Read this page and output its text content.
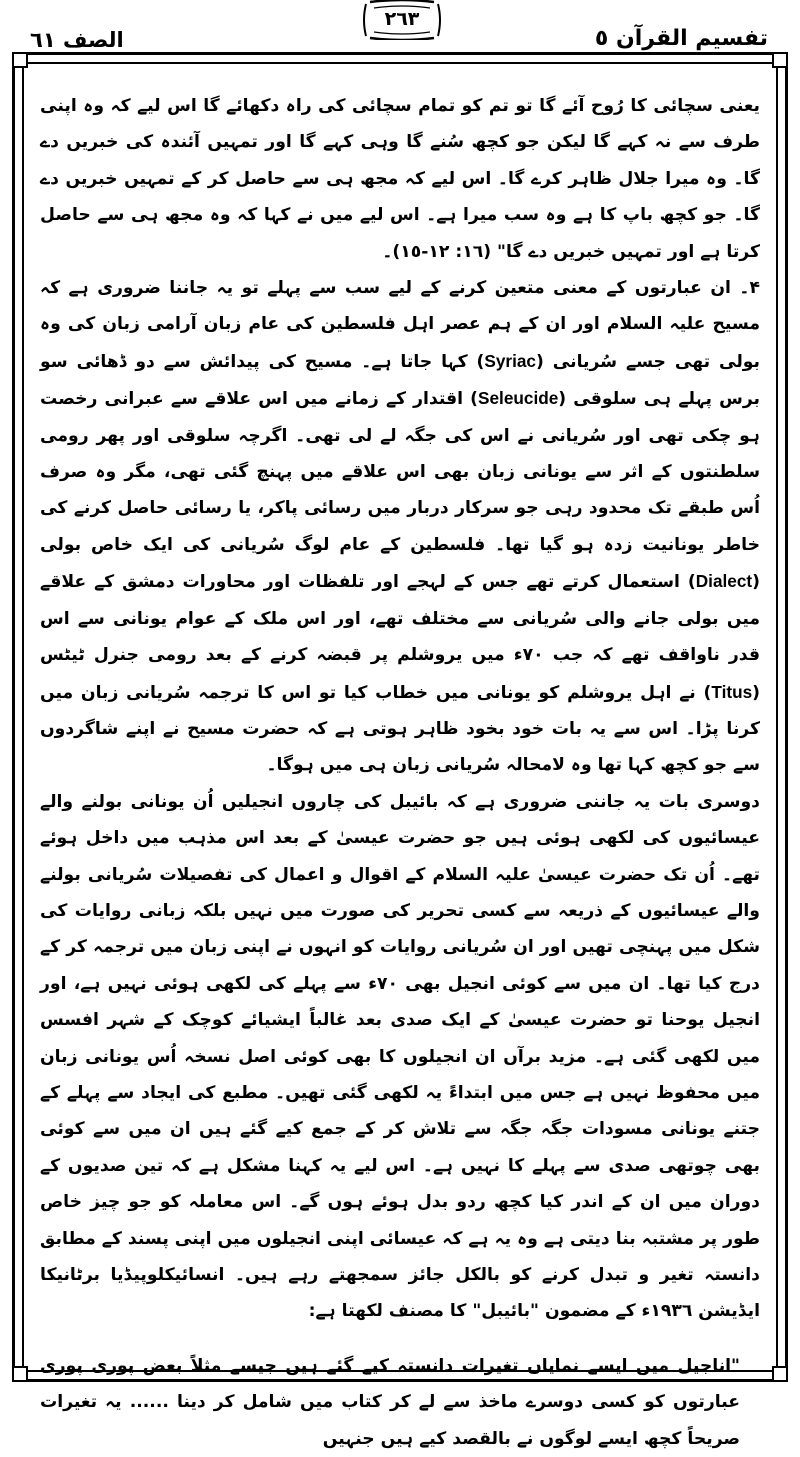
تفسیم القرآن ٥
٢٦٣
الصف ٦١

یعنی سچائی کا رُوح آئے گا تو تم کو تمام سچائی کی راہ دکھائے گا اس لیے کہ وہ اپنی طرف سے نہ کہے گا لیکن جو کچھ سُنے گا وہی کہے گا اور تمہیں آئندہ کی خبریں دے گا۔ وہ میرا جلال ظاہر کرے گا۔ اس لیے کہ مجھ ہی سے حاصل کر کے تمہیں خبریں دے گا۔ جو کچھ باپ کا ہے وہ سب میرا ہے۔ اس لیے میں نے کہا کہ وہ مجھ ہی سے حاصل کرتا ہے اور تمہیں خبریں دے گا" (١٦: ١٢-١٥)۔

۴۔ ان عبارتوں کے معنی متعین کرنے کے لیے سب سے پہلے تو یہ جاننا ضروری ہے کہ مسیح علیہ السلام اور ان کے ہم عصر اہل فلسطین کی عام زبان آرامی زبان کی وہ بولی تھی جسے سُریانی (Syriac) کہا جاتا ہے۔ مسیح کی پیدائش سے دو ڈھائی سو برس پہلے ہی سلوقی (Seleucide) اقتدار کے زمانے میں اس علاقے سے عبرانی رخصت ہو چکی تھی اور سُریانی نے اس کی جگہ لے لی تھی۔ اگرچہ سلوقی اور پھر رومی سلطنتوں کے اثر سے یونانی زبان بھی اس علاقے میں پہنچ گئی تھی، مگر وہ صرف اُس طبقے تک محدود رہی جو سرکار دربار میں رسائی پاکر، یا رسائی حاصل کرنے کی خاطر یونانیت زدہ ہو گیا تھا۔ فلسطین کے عام لوگ سُریانی کی ایک خاص بولی (Dialect) استعمال کرتے تھے جس کے لہجے اور تلفظات اور محاورات دمشق کے علاقے میں بولی جانے والی سُریانی سے مختلف تھے، اور اس ملک کے عوام یونانی سے اس قدر ناواقف تھے کہ جب ٧٠ء میں یروشلم پر قبضہ کرنے کے بعد رومی جنرل ٹیٹس (Titus) نے اہل یروشلم کو یونانی میں خطاب کیا تو اس کا ترجمہ سُریانی زبان میں کرنا پڑا۔ اس سے یہ بات خود بخود ظاہر ہوتی ہے کہ حضرت مسیح نے اپنے شاگردوں سے جو کچھ کہا تھا وہ لامحالہ سُریانی زبان ہی میں ہوگا۔

دوسری بات یہ جاننی ضروری ہے کہ بائیبل کی چاروں انجیلیں اُن یونانی بولنے والے عیسائیوں کی لکھی ہوئی ہیں جو حضرت عیسیٰ کے بعد اس مذہب میں داخل ہوئے تھے۔ اُن تک حضرت عیسیٰ علیہ السلام کے اقوال و اعمال کی تفصیلات سُریانی بولنے والے عیسائیوں کے ذریعہ سے کسی تحریر کی صورت میں نہیں بلکہ زبانی روایات کی شکل میں پہنچی تھیں اور ان سُریانی روایات کو انہوں نے اپنی زبان میں ترجمہ کر کے درج کیا تھا۔ ان میں سے کوئی انجیل بھی ٧٠ء سے پہلے کی لکھی ہوئی نہیں ہے، اور انجیل یوحنا تو حضرت عیسیٰ کے ایک صدی بعد غالباً ایشیائے کوچک کے شہر افسس میں لکھی گئی ہے۔ مزید برآں ان انجیلوں کا بھی کوئی اصل نسخہ اُس یونانی زبان میں محفوظ نہیں ہے جس میں ابتداءً یہ لکھی گئی تھیں۔ مطبع کی ایجاد سے پہلے کے جتنے یونانی مسودات جگہ جگہ سے تلاش کر کے جمع کیے گئے ہیں ان میں سے کوئی بھی چوتھی صدی سے پہلے کا نہیں ہے۔ اس لیے یہ کہنا مشکل ہے کہ تین صدیوں کے دوران میں ان کے اندر کیا کچھ ردو بدل ہوئے ہوں گے۔ اس معاملہ کو جو چیز خاص طور پر مشتبہ بنا دیتی ہے وہ یہ ہے کہ عیسائی اپنی انجیلوں میں اپنی پسند کے مطابق دانستہ تغیر و تبدل کرنے کو بالکل جائز سمجھتے رہے ہیں۔ انسائیکلوپیڈیا برٹانیکا ایڈیشن ١٩٣٦ء کے مضمون "بائیبل" کا مصنف لکھتا ہے:

"اناجیل میں ایسے نمایاں تغیرات دانستہ کیے گئے ہیں جیسے مثلاً بعض پوری پوری عبارتوں کو کسی دوسرے ماخذ سے لے کر کتاب میں شامل کر دینا ...... یہ تغیرات صریحاً کچھ ایسے لوگوں نے بالقصد کیے ہیں جنہیں
